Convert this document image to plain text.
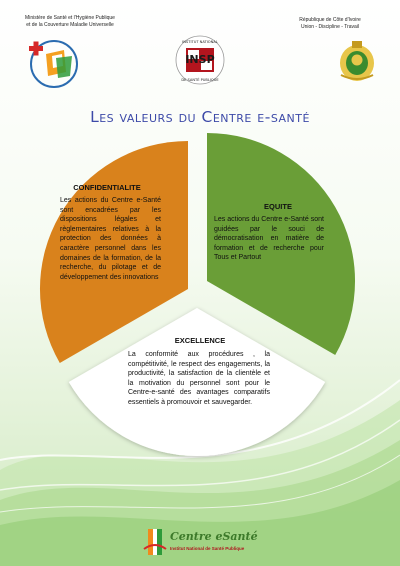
Ministère de Santé et l'Hygiène Publique
et de la Couverture Maladie Universelle
République de Côte d'Ivoire
Union - Discipline - Travail
INSP
INSTITUT NATIONAL
DE SANTÉ PUBLIQUE
Les valeurs du Centre e-santé
CONFIDENTIALITE
Les actions du Centre e-Santé sont encadrées par les dispositions légales et règlementaires relatives à la protection des données à caractère personnel dans les domaines de la formation, de la recherche, du pilotage et de développement des innovations
EQUITE
Les actions du Centre e-Santé sont guidées par le souci de démocratisation en matière de formation et de recherche pour Tous et Partout
EXCELLENCE
La conformité aux procédures , la compétitivité, le respect des engagements, la productivité, la satisfaction de la clientèle et la motivation du personnel sont pour le Centre-e-santé des avantages comparatifs essentiels à promouvoir et sauvegarder.
Centre eSanté
Institut National de Santé Publique
